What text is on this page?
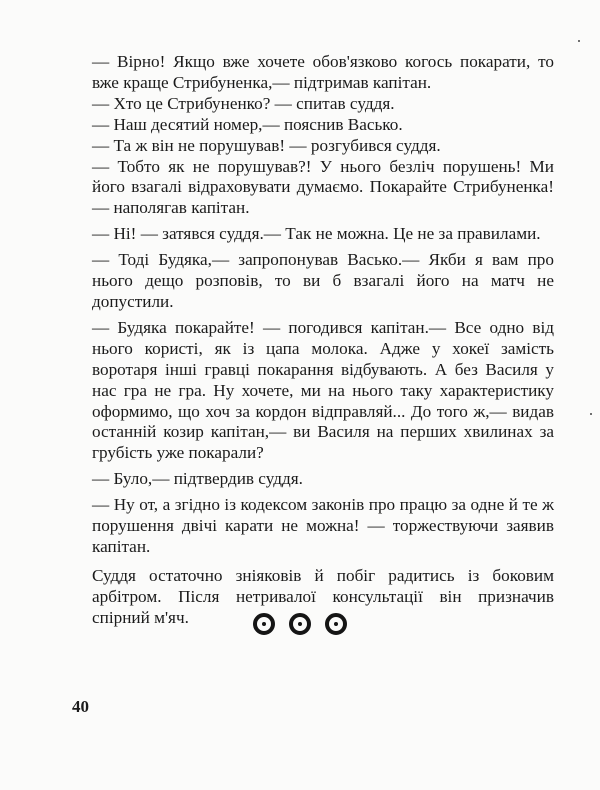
— Вірно! Якщо вже хочете обов'язково когось покарати, то вже краще Стрибуненка,— підтримав капітан.

— Хто це Стрибуненко? — спитав суддя.

— Наш десятий номер,— пояснив Васько.

— Та ж він не порушував! — розгубився суддя.

— Тобто як не порушував?! У нього безліч порушень! Ми його взагалі відраховувати думаємо. Покарайте Стрибуненка! — наполягав капітан.

— Ні! — затявся суддя.— Так не можна. Це не за правилами.

— Тоді Будяка,— запропонував Васько.— Якби я вам про нього дещо розповів, то ви б взагалі його на матч не допустили.

— Будяка покарайте! — погодився капітан.— Все одно від нього користі, як із цапа молока. Адже у хокеї замість воротаря інші гравці покарання відбувають. А без Василя у нас гра не гра. Ну хочете, ми на нього таку характеристику оформимо, що хоч за кордон відправляй... До того ж,— видав останній козир капітан,— ви Василя на перших хвилинах за грубість уже покарали?

— Було,— підтвердив суддя.

— Ну от, а згідно із кодексом законів про працю за одне й те ж порушення двічі карати не можна! — торжествуючи заявив капітан.

Суддя остаточно зніяковів й побіг радитись із боковим арбітром. Після нетривалої консультації він призначив спірний м'яч.

40
